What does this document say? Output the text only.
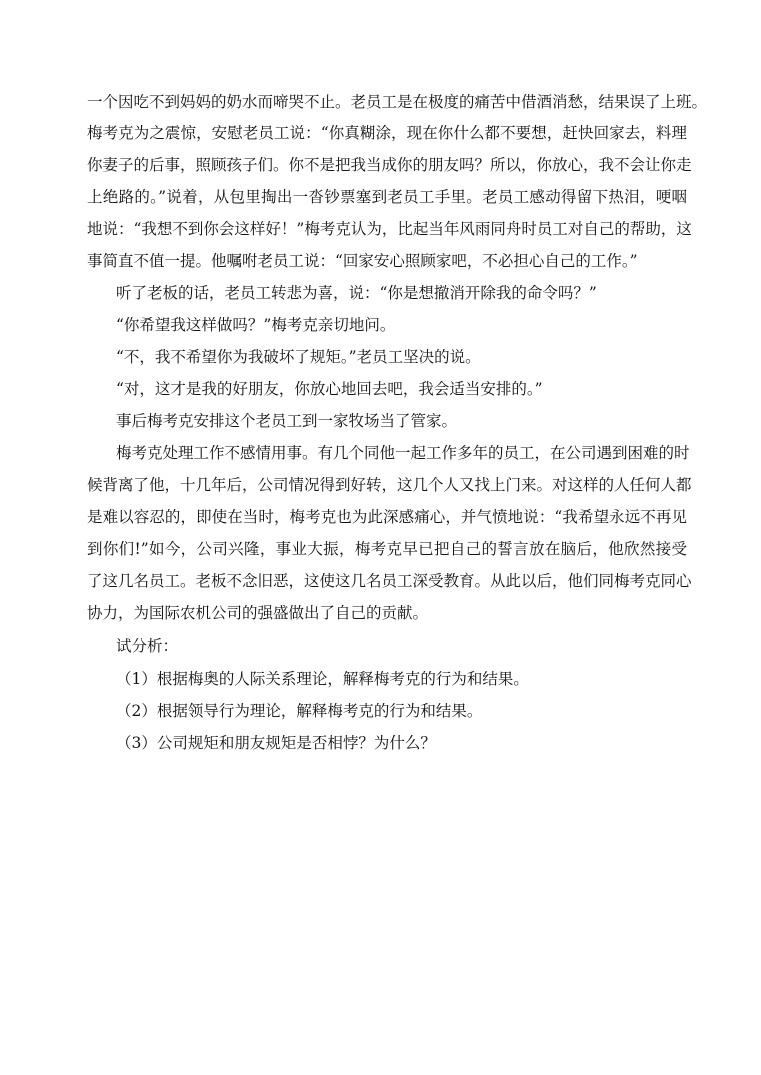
一个因吃不到妈妈的奶水而啼哭不止。老员工是在极度的痛苦中借酒消愁，结果误了上班。
梅考克为之震惊，安慰老员工说：“你真糊涂，现在你什么都不要想，赶快回家去，料理
你妻子的后事，照顾孩子们。你不是把我当成你的朋友吗？所以，你放心，我不会让你走
上绝路的。”说着，从包里掏出一沓钞票塞到老员工手里。老员工感动得留下热泪，哽咽
地说：“我想不到你会这样好！”梅考克认为，比起当年风雨同舟时员工对自己的帮助，这
事简直不值一提。他嘱咐老员工说：“回家安心照顾家吧，不必担心自己的工作。”
听了老板的话，老员工转悲为喜，说：“你是想撤消开除我的命令吗？”
“你希望我这样做吗？”梅考克亲切地问。
“不，我不希望你为我破坏了规矩。”老员工坚决的说。
“对，这才是我的好朋友，你放心地回去吧，我会适当安排的。”
事后梅考克安排这个老员工到一家牧场当了管家。
梅考克处理工作不感情用事。有几个同他一起工作多年的员工，在公司遇到困难的时
候背离了他，十几年后，公司情况得到好转，这几个人又找上门来。对这样的人任何人都
是难以容忍的，即使在当时，梅考克也为此深感痛心，并气愤地说：“我希望永远不再见
到你们!”如今，公司兴隆，事业大振，梅考克早已把自己的誓言放在脑后，他欣然接受
了这几名员工。老板不念旧恶，这使这几名员工深受教育。从此以后，他们同梅考克同心
协力，为国际农机公司的强盛做出了自己的贡献。
试分析：
（1）根据梅奥的人际关系理论，解释梅考克的行为和结果。
（2）根据领导行为理论，解释梅考克的行为和结果。
（3）公司规矩和朋友规矩是否相悖？为什么？
